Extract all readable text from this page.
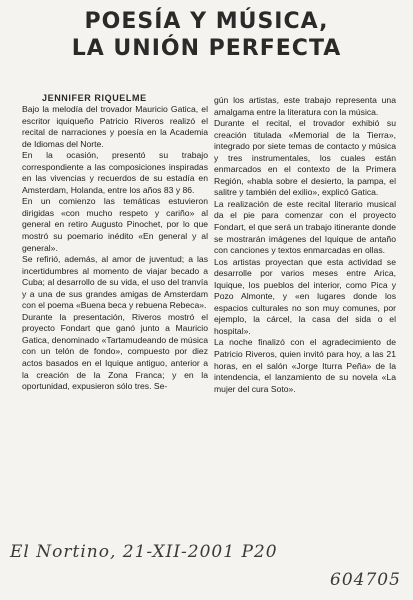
POESÍA Y MÚSICA,
LA UNIÓN PERFECTA
JENNIFER RIQUELME

Bajo la melodía del trovador Mauricio Gatica, el escritor iquiqueño Patricio Riveros realizó el recital de narraciones y poesía en la Academia de Idiomas del Norte.

En la ocasión, presentó su trabajo correspondiente a las composiciones inspiradas en las vivencias y recuerdos de su estadía en Amsterdam, Holanda, entre los años 83 y 86.

En un comienzo las temáticas estuvieron dirigidas «con mucho respeto y cariño» al general en retiro Augusto Pinochet, por lo que mostró su poemario inédito «En general y al general».

Se refirió, además, al amor de juventud; a las incertidumbres al momento de viajar becado a Cuba; al desarrollo de su vida, el uso del tranvía y a una de sus grandes amigas de Amsterdam con el poema «Buena beca y rebuena Rebeca».

Durante la presentación, Riveros mostró el proyecto Fondart que ganó junto a Mauricio Gatica, denominado «Tartamudeando de música con un telón de fondo», compuesto por diez actos basados en el Iquique antiguo, anterior a la creación de la Zona Franca; y en la oportunidad, expusieron sólo tres. Se-

gún los artistas, este trabajo representa una amalgama entre la literatura con la música.

Durante el recital, el trovador exhibió su creación titulada «Memorial de la Tierra», integrado por siete temas de contacto y música y tres instrumentales, los cuales están enmarcados en el contexto de la Primera Región, «habla sobre el desierto, la pampa, el salitre y también del exilio», explicó Gatica.

La realización de este recital literario musical da el pie para comenzar con el proyecto Fondart, el que será un trabajo itinerante donde se mostrarán imágenes del Iquique de antaño con canciones y textos enmarcadas en ollas.

Los artistas proyectan que esta actividad se desarrolle por varios meses entre Arica, Iquique, los pueblos del interior, como Pica y Pozo Almonte, y «en lugares donde los espacios culturales no son muy comunes, por ejemplo, la cárcel, la casa del sida o el hospital».

La noche finalizó con el agradecimiento de Patricio Riveros, quien invitó para hoy, a las 21 horas, en el salón «Jorge Iturra Peña» de la intendencia, el lanzamiento de su novela «La mujer del cura Soto».

El Nortino, 21-XII-2001 P20
604705
